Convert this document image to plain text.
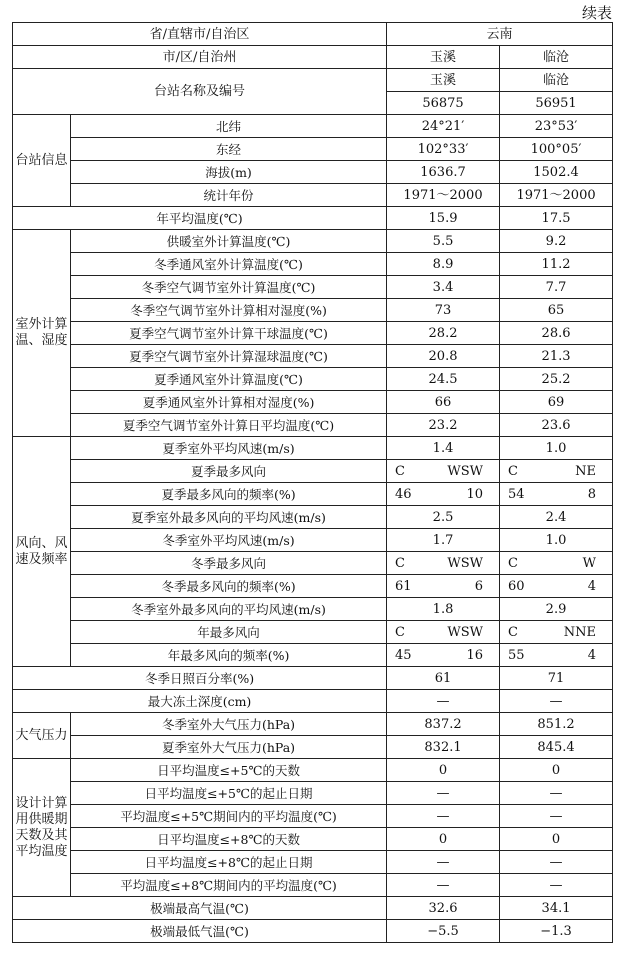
续表
省/直辖市/自治区		云南	
市/区/自治州		玉溪	临沧
台站名称及编号		玉溪	临沧
		56875	56951
台站信息	北纬	24°21′	23°53′
	东经	102°33′	100°05′
	海拔(m)	1636.7	1502.4
	统计年份	1971～2000	1971～2000
年平均温度(℃)		15.9	17.5
室外计算温、湿度	供暖室外计算温度(℃)	5.5	9.2
	冬季通风室外计算温度(℃)	8.9	11.2
	冬季空气调节室外计算温度(℃)	3.4	7.7
	冬季空气调节室外计算相对湿度(%)	73	65
	夏季空气调节室外计算干球温度(℃)	28.2	28.6
	夏季空气调节室外计算湿球温度(℃)	20.8	21.3
	夏季通风室外计算温度(℃)	24.5	25.2
	夏季通风室外计算相对湿度(%)	66	69
	夏季空气调节室外计算日平均温度(℃)	23.2	23.6
风向、风速及频率	夏季室外平均风速(m/s)	1.4	1.0
	夏季最多风向	C WSW	C NE

	夏季最多风向的频率(%)	46 10	54 8

	夏季室外最多风向的平均风速(m/s)	2.5	2.4
	冬季室外平均风速(m/s)	1.7	1.0
	冬季最多风向	C WSW	C W

	冬季最多风向的频率(%)	61 6	60 4

	冬季室外最多风向的平均风速(m/s)	1.8	2.9
	年最多风向	C WSW	C NNE

	年最多风向的频率(%)	45 16	55 4

冬季日照百分率(%)		61	71
最大冻土深度(cm)		—	—
大气压力	冬季室外大气压力(hPa)	837.2	851.2
	夏季室外大气压力(hPa)	832.1	845.4
设计计算用供暖期天数及其平均温度	日平均温度≤+5℃的天数	0	0
	日平均温度≤+5℃的起止日期	—	—
	平均温度≤+5℃期间内的平均温度(℃)	—	—
	日平均温度≤+8℃的天数	0	0
	日平均温度≤+8℃的起止日期	—	—
	平均温度≤+8℃期间内的平均温度(℃)	—	—
极端最高气温(℃)		32.6	34.1
极端最低气温(℃)		−5.5	−1.3
